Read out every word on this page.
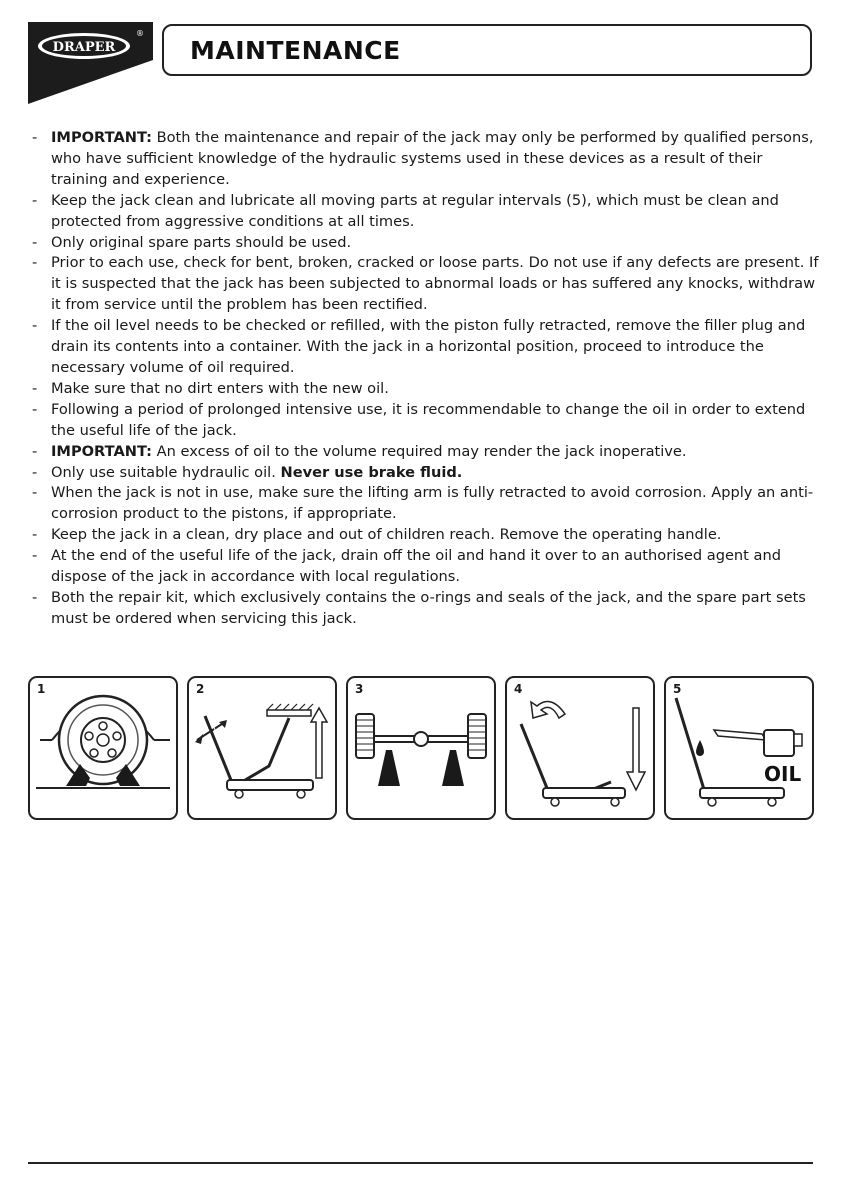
DRAPER
®
MAINTENANCE
- IMPORTANT: Both the maintenance and repair of the jack may only be performed by qualified persons, who have sufficient knowledge of the hydraulic systems used in these devices as a result of their training and experience.
- Keep the jack clean and lubricate all moving parts at regular intervals (5), which must be clean and protected from aggressive conditions at all times.
- Only original spare parts should be used.
- Prior to each use, check for bent, broken, cracked or loose parts. Do not use if any defects are present. If it is suspected that the jack has been subjected to abnormal loads or has suffered any knocks, withdraw it from service until the problem has been rectified.
- If the oil level needs to be checked or refilled, with the piston fully retracted, remove the filler plug and drain its contents into a container. With the jack in a horizontal position, proceed to introduce the necessary volume of oil required.
- Make sure that no dirt enters with the new oil.
- Following a period of prolonged intensive use, it is recommendable to change the oil in order to extend the useful life of the jack.
- IMPORTANT: An excess of oil to the volume required may render the jack inoperative.
- Only use suitable hydraulic oil. Never use brake fluid.
- When the jack is not in use, make sure the lifting arm is fully retracted to avoid corrosion. Apply an anti-corrosion product to the pistons, if appropriate.
- Keep the jack in a clean, dry place and out of children reach. Remove the operating handle.
- At the end of the useful life of the jack, drain off the oil and hand it over to an authorised agent and dispose of the jack in accordance with local regulations.
- Both the repair kit, which exclusively contains the o-rings and seals of the jack, and the spare part sets must be ordered when servicing this jack.
1	2	3	4	5
OIL
